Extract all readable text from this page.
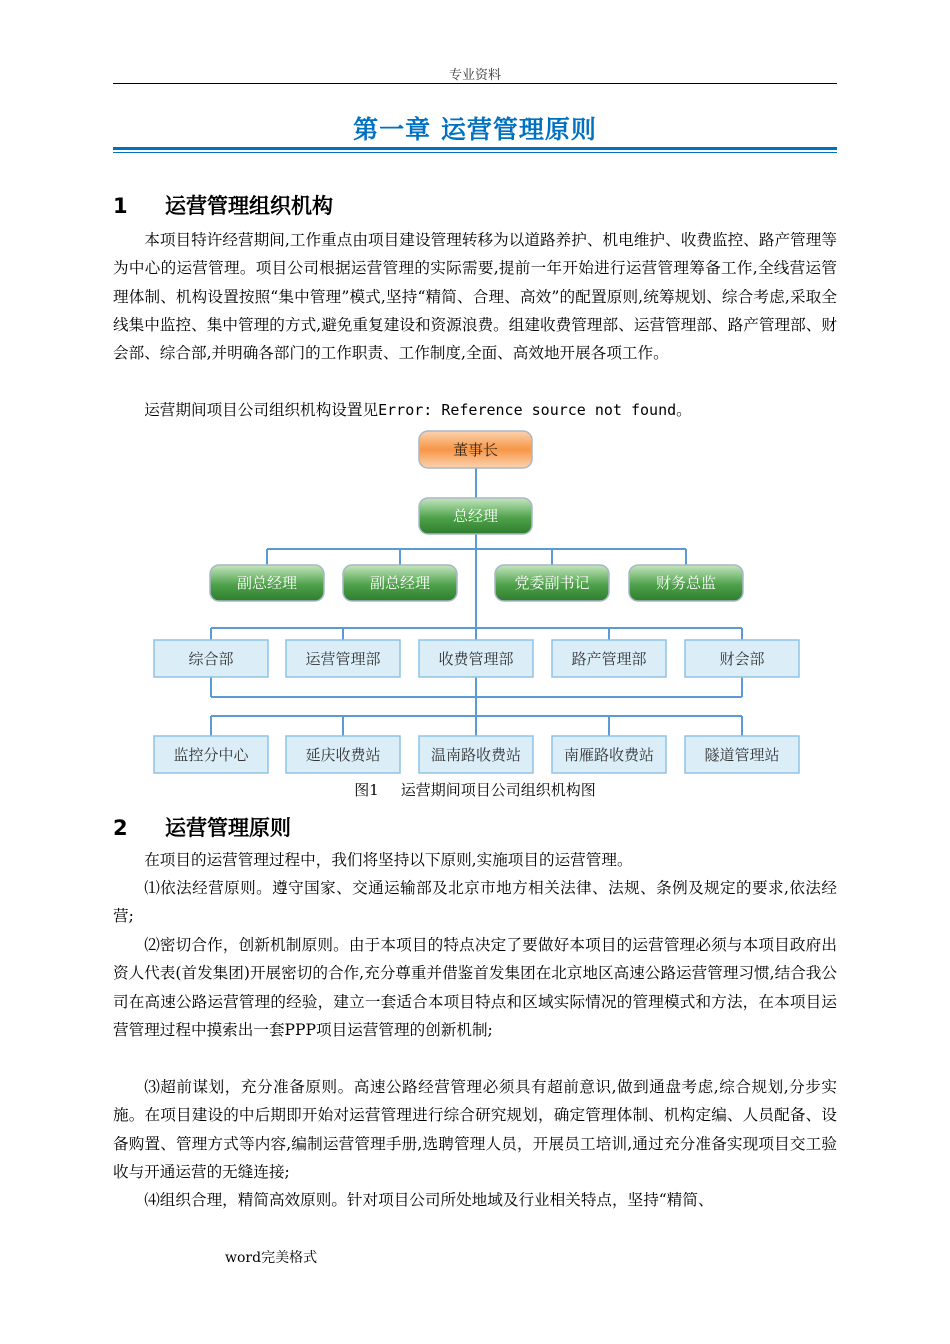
专业资料
第一章 运营管理原则
1 运营管理组织机构

本项目特许经营期间,工作重点由项目建设管理转移为以道路养护、机电维护、收费监控、路产管理等为中心的运营管理。项目公司根据运营管理的实际需要,提前一年开始进行运营管理筹备工作,全线营运管理体制、机构设置按照“集中管理”模式,坚持“精简、合理、高效”的配置原则,统筹规划、综合考虑,采取全线集中监控、集中管理的方式,避免重复建设和资源浪费。组建收费管理部、运营管理部、路产管理部、财会部、综合部,并明确各部门的工作职责、工作制度,全面、高效地开展各项工作。

运营期间项目公司组织机构设置见Error: Reference source not found。

董事长
总经理
副总经理	副总经理	党委副书记	财务总监
综合部	运营管理部	收费管理部	路产管理部	财会部
监控分中心	延庆收费站	温南路收费站	南雁路收费站	隧道管理站
图1 运营期间项目公司组织机构图
2 运营管理原则

在项目的运营管理过程中，我们将坚持以下原则,实施项目的运营管理。

⑴依法经营原则。遵守国家、交通运输部及北京市地方相关法律、法规、条例及规定的要求,依法经营;

⑵密切合作，创新机制原则。由于本项目的特点决定了要做好本项目的运营管理必须与本项目政府出资人代表(首发集团)开展密切的合作,充分尊重并借鉴首发集团在北京地区高速公路运营管理习惯,结合我公司在高速公路运营管理的经验，建立一套适合本项目特点和区域实际情况的管理模式和方法，在本项目运营管理过程中摸索出一套PPP项目运营管理的创新机制;

⑶超前谋划，充分准备原则。高速公路经营管理必须具有超前意识,做到通盘考虑,综合规划,分步实施。在项目建设的中后期即开始对运营管理进行综合研究规划，确定管理体制、机构定编、人员配备、设备购置、管理方式等内容,编制运营管理手册,选聘管理人员，开展员工培训,通过充分准备实现项目交工验收与开通运营的无缝连接;

⑷组织合理，精简高效原则。针对项目公司所处地域及行业相关特点，坚持“精简、

word完美格式
